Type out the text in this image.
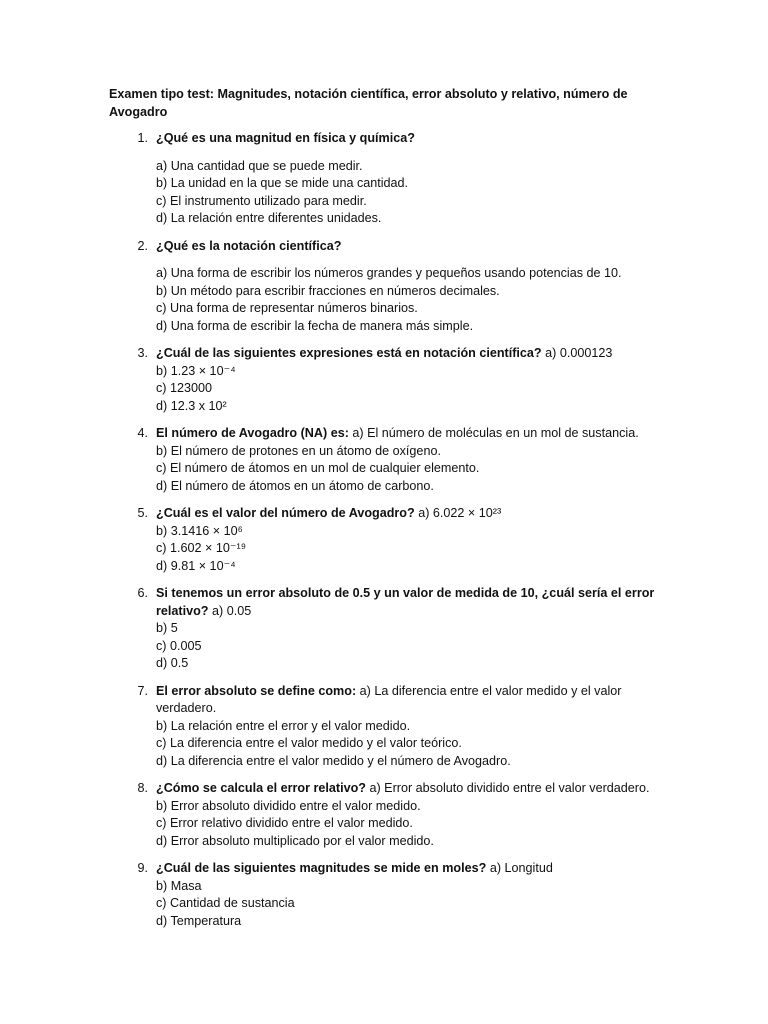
Examen tipo test: Magnitudes, notación científica, error absoluto y relativo, número de Avogadro
1. ¿Qué es una magnitud en física y química?
a) Una cantidad que se puede medir.
b) La unidad en la que se mide una cantidad.
c) El instrumento utilizado para medir.
d) La relación entre diferentes unidades.
2. ¿Qué es la notación científica?
a) Una forma de escribir los números grandes y pequeños usando potencias de 10.
b) Un método para escribir fracciones en números decimales.
c) Una forma de representar números binarios.
d) Una forma de escribir la fecha de manera más simple.
3. ¿Cuál de las siguientes expresiones está en notación científica? a) 0.000123
b) 1.23 × 10⁻⁴
c) 123000
d) 12.3 x 10²
4. El número de Avogadro (NA) es: a) El número de moléculas en un mol de sustancia.
b) El número de protones en un átomo de oxígeno.
c) El número de átomos en un mol de cualquier elemento.
d) El número de átomos en un átomo de carbono.
5. ¿Cuál es el valor del número de Avogadro? a) 6.022 × 10²³
b) 3.1416 × 10⁶
c) 1.602 × 10⁻¹⁹
d) 9.81 × 10⁻⁴
6. Si tenemos un error absoluto de 0.5 y un valor de medida de 10, ¿cuál sería el error relativo? a) 0.05
b) 5
c) 0.005
d) 0.5
7. El error absoluto se define como: a) La diferencia entre el valor medido y el valor verdadero.
b) La relación entre el error y el valor medido.
c) La diferencia entre el valor medido y el valor teórico.
d) La diferencia entre el valor medido y el número de Avogadro.
8. ¿Cómo se calcula el error relativo? a) Error absoluto dividido entre el valor verdadero.
b) Error absoluto dividido entre el valor medido.
c) Error relativo dividido entre el valor medido.
d) Error absoluto multiplicado por el valor medido.
9. ¿Cuál de las siguientes magnitudes se mide en moles? a) Longitud
b) Masa
c) Cantidad de sustancia
d) Temperatura
